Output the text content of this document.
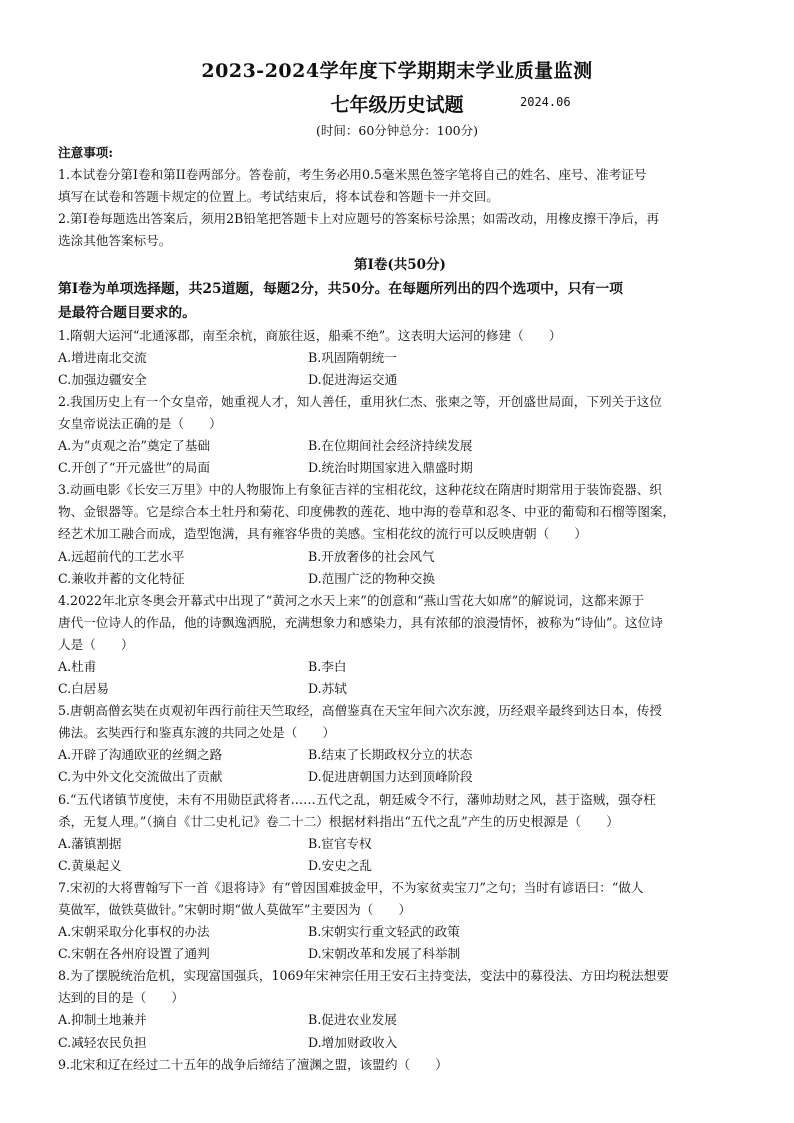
2023-2024学年度下学期期末学业质量监测
七年级历史试题	2024.06
(时间：60分钟总分：100分)
注意事项:
1.本试卷分第I卷和第II卷两部分。答卷前，考生务必用0.5毫米黑色签字笔将自己的姓名、座号、准考证号
填写在试卷和答题卡规定的位置上。考试结束后，将本试卷和答题卡一并交回。
2.第I卷每题选出答案后，须用2B铅笔把答题卡上对应题号的答案标号涂黑；如需改动，用橡皮擦干净后，再
选涂其他答案标号。
第I卷(共50分)
第I卷为单项选择题，共25道题，每题2分，共50分。在每题所列出的四个选项中，只有一项
是最符合题目要求的。
1.隋朝大运河“北通涿郡，南至余杭，商旅往返，船乘不绝”。这表明大运河的修建（　　）
A.增进南北交流	B.巩固隋朝统一
C.加强边疆安全	D.促进海运交通
2.我国历史上有一个女皇帝，她重视人才，知人善任，重用狄仁杰、张柬之等，开创盛世局面，下列关于这位
女皇帝说法正确的是（　　）
A.为“贞观之治”奠定了基础	B.在位期间社会经济持续发展
C.开创了“开元盛世”的局面	D.统治时期国家进入鼎盛时期
3.动画电影《长安三万里》中的人物服饰上有象征吉祥的宝相花纹，这种花纹在隋唐时期常用于装饰瓷器、织
物、金银器等。它是综合本土牡丹和菊花、印度佛教的莲花、地中海的卷草和忍冬、中亚的葡萄和石榴等图案，
经艺术加工融合而成，造型饱满，具有雍容华贵的美感。宝相花纹的流行可以反映唐朝（　　）
A.远超前代的工艺水平	B.开放奢侈的社会风气
C.兼收并蓄的文化特征	D.范围广泛的物种交换
4.2022年北京冬奥会开幕式中出现了“黄河之水天上来”的创意和“燕山雪花大如席”的解说词，这都来源于
唐代一位诗人的作品，他的诗飘逸洒脱，充满想象力和感染力，具有浓郁的浪漫情怀，被称为“诗仙”。这位诗
人是（　　）
A.杜甫	B.李白
C.白居易	D.苏轼
5.唐朝高僧玄奘在贞观初年西行前往天竺取经，高僧鉴真在天宝年间六次东渡，历经艰辛最终到达日本，传授
佛法。玄奘西行和鉴真东渡的共同之处是（　　）
A.开辟了沟通欧亚的丝绸之路	B.结束了长期政权分立的状态
C.为中外文化交流做出了贡献	D.促进唐朝国力达到顶峰阶段
6.“五代诸镇节度使，未有不用勋臣武将者……五代之乱，朝廷威令不行，藩帅劫财之风，甚于盗贼，强夺枉
杀，无复人理。”（摘自《廿二史札记》卷二十二）根据材料指出“五代之乱”产生的历史根源是（　　）
A.藩镇割据	B.宦官专权
C.黄巢起义	D.安史之乱
7.宋初的大将曹翰写下一首《退将诗》有“曾因国难披金甲，不为家贫卖宝刀”之句；当时有谚语曰：“做人
莫做军，做铁莫做针。”宋朝时期“做人莫做军”主要因为（　　）
A.宋朝采取分化事权的办法	B.宋朝实行重文轻武的政策
C.宋朝在各州府设置了通判	D.宋朝改革和发展了科举制
8.为了摆脱统治危机，实现富国强兵，1069年宋神宗任用王安石主持变法，变法中的募役法、方田均税法想要
达到的目的是（　　）
A.抑制土地兼并	B.促进农业发展
C.减轻农民负担	D.增加财政收入
9.北宋和辽在经过二十五年的战争后缔结了澶渊之盟，该盟约（　　）
